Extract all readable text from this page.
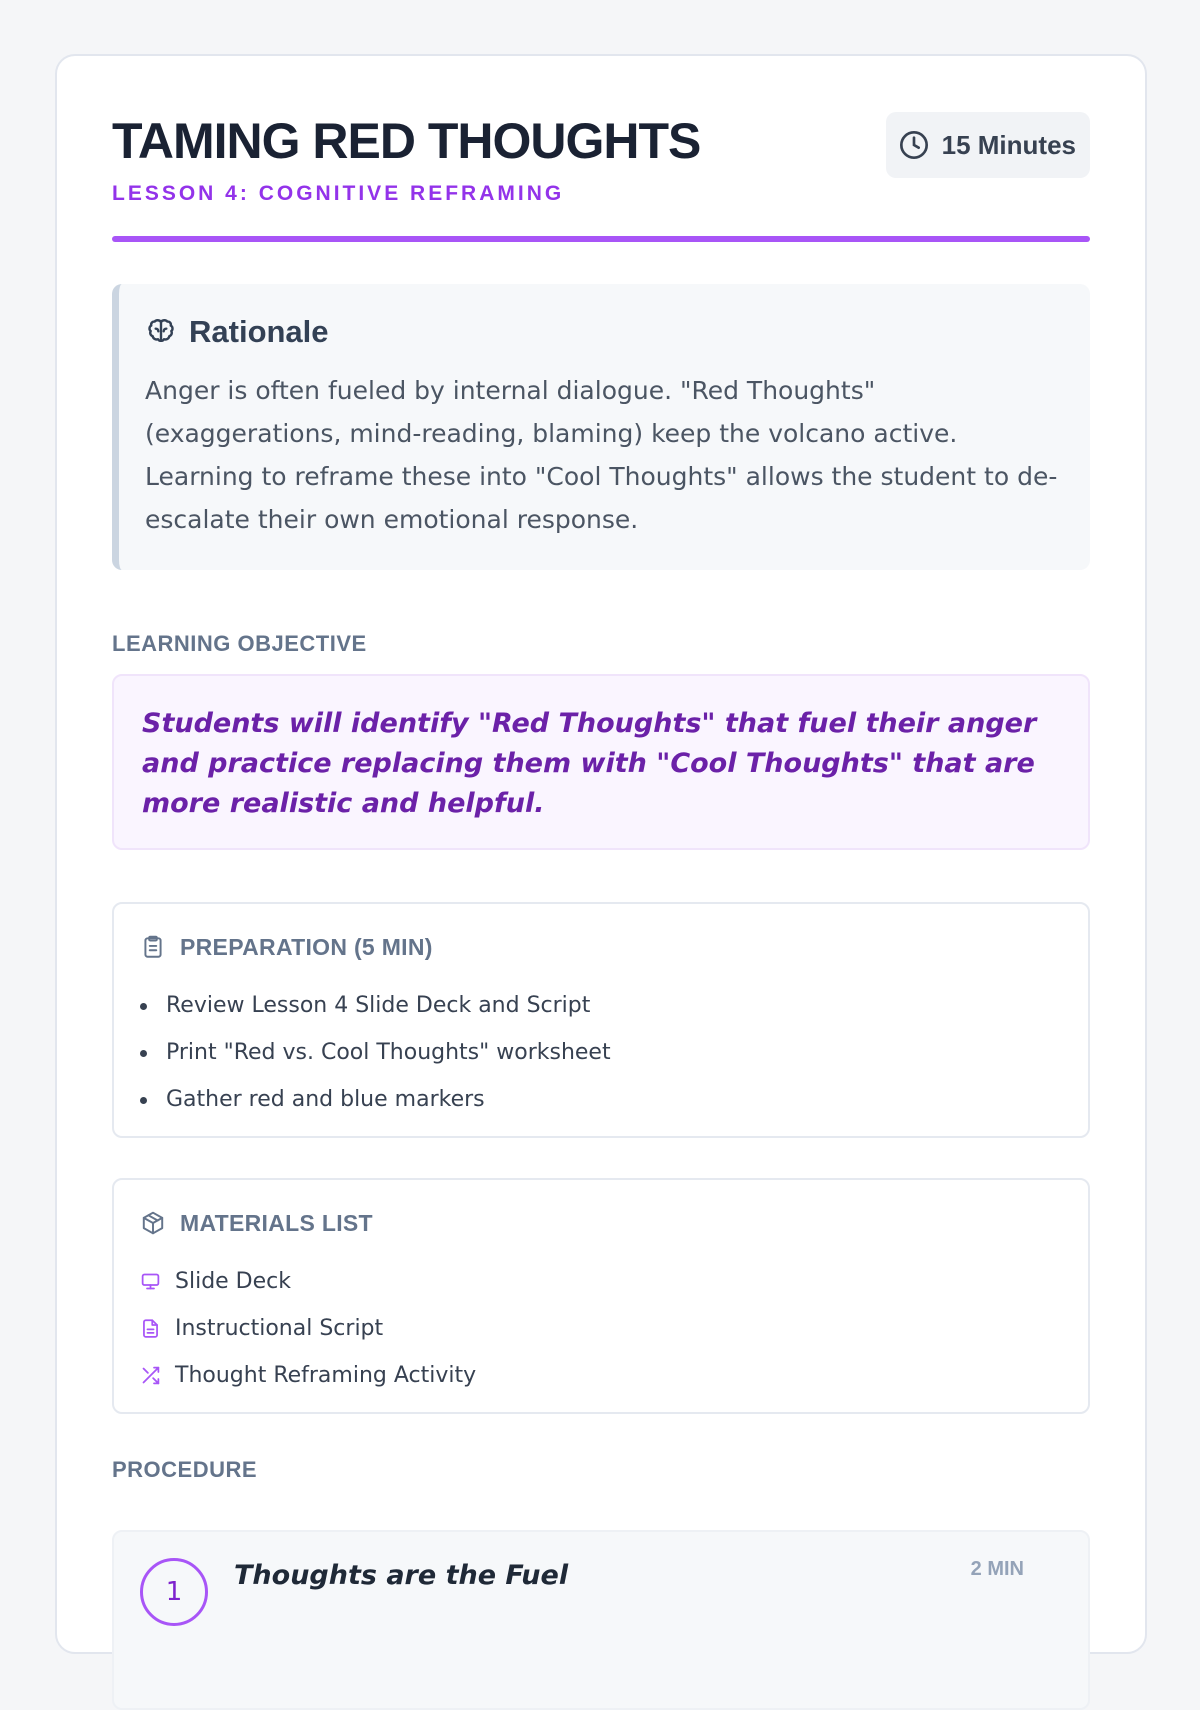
TAMING RED THOUGHTS
LESSON 4: COGNITIVE REFRAMING
15 Minutes
Rationale

Anger is often fueled by internal dialogue. "Red Thoughts" (exaggerations, mind-reading, blaming) keep the volcano active. Learning to reframe these into "Cool Thoughts" allows the student to de-escalate their own emotional response.

LEARNING OBJECTIVE

Students will identify "Red Thoughts" that fuel their anger and practice replacing them with "Cool Thoughts" that are more realistic and helpful.

PREPARATION (5 MIN)
Review Lesson 4 Slide Deck and Script
Print "Red vs. Cool Thoughts" worksheet
Gather red and blue markers
MATERIALS LIST
Slide Deck
Instructional Script
Thought Reframing Activity
PROCEDURE
1
Thoughts are the Fuel	2 MIN
